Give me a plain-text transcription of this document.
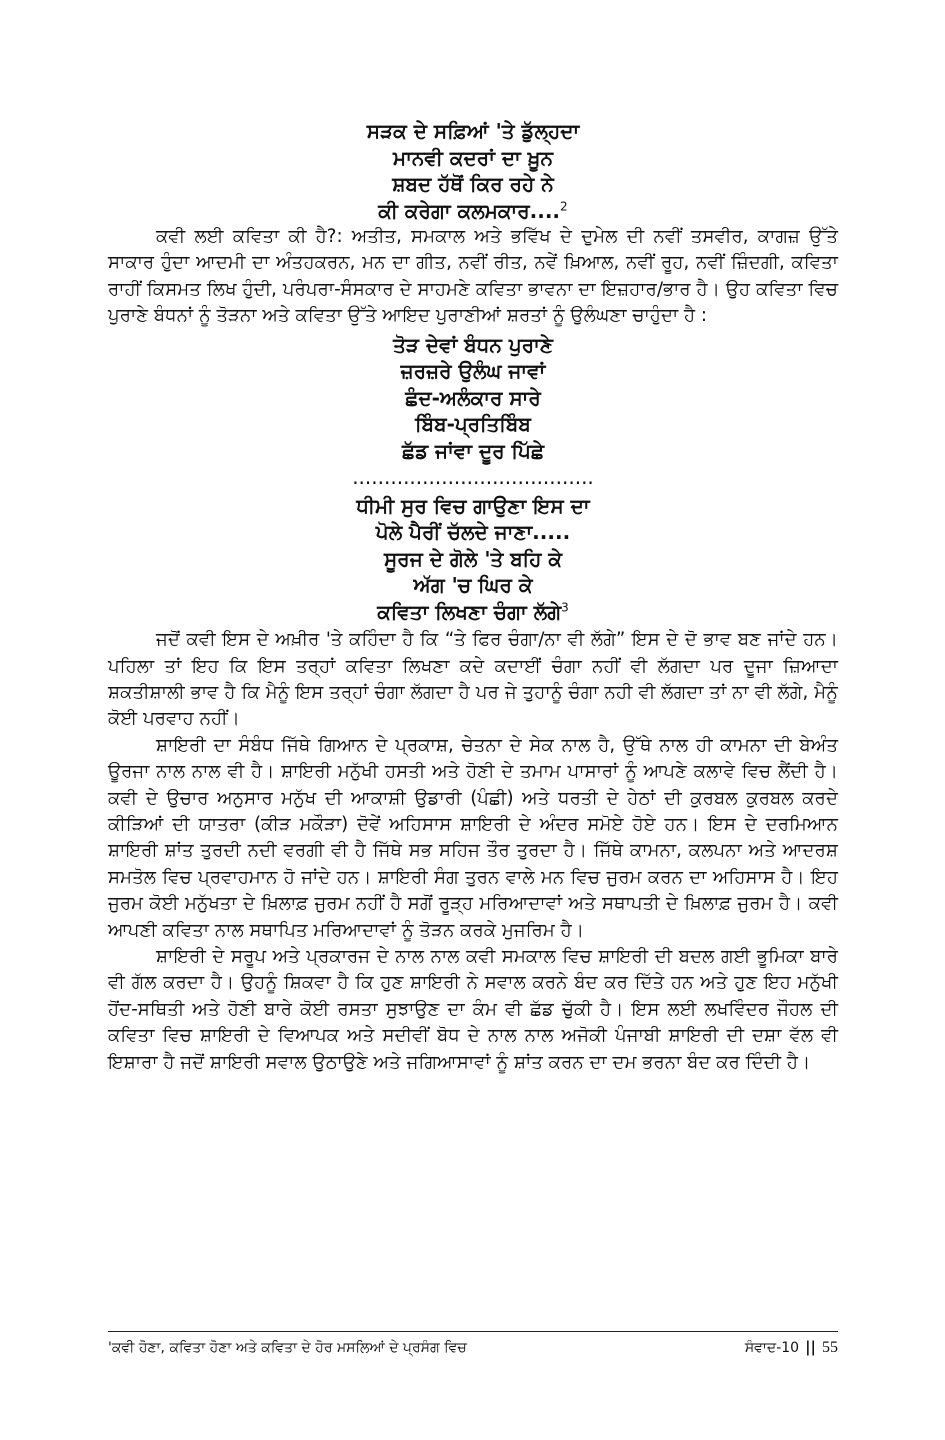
ਸੜਕ ਦੇ ਸਫ਼ਿਆਂ 'ਤੇ ਡੁੱਲ੍ਹਦਾ
ਮਾਨਵੀ ਕਦਰਾਂ ਦਾ ਖ਼ੂਨ
ਸ਼ਬਦ ਹੱਥੋਂ ਕਿਰ ਰਹੇ ਨੇ
ਕੀ ਕਰੇਗਾ ਕਲਮਕਾਰ....$^2$

ਕਵੀ ਲਈ ਕਵਿਤਾ ਕੀ ਹੈ?: ਅਤੀਤ, ਸਮਕਾਲ ਅਤੇ ਭਵਿੱਖ ਦੇ ਦੁਮੇਲ ਦੀ ਨਵੀਂ ਤਸਵੀਰ, ਕਾਗਜ਼ ਉੱਤੇ ਸਾਕਾਰ ਹੁੰਦਾ ਆਦਮੀ ਦਾ ਅੰਤਹਕਰਨ, ਮਨ ਦਾ ਗੀਤ, ਨਵੀਂ ਰੀਤ, ਨਵੇਂ ਖ਼ਿਆਲ, ਨਵੀਂ ਰੂਹ, ਨਵੀਂ ਜ਼ਿੰਦਗੀ, ਕਵਿਤਾ ਰਾਹੀਂ ਕਿਸਮਤ ਲਿਖ ਹੁੰਦੀ, ਪਰੰਪਰਾ-ਸੰਸਕਾਰ ਦੇ ਸਾਹਮਣੇ ਕਵਿਤਾ ਭਾਵਨਾ ਦਾ ਇਜ਼ਹਾਰ/ਭਾਰ ਹੈ। ਉਹ ਕਵਿਤਾ ਵਿਚ ਪੁਰਾਣੇ ਬੰਧਨਾਂ ਨੂੰ ਤੋੜਨਾ ਅਤੇ ਕਵਿਤਾ ਉੱਤੇ ਆਇਦ ਪੁਰਾਣੀਆਂ ਸ਼ਰਤਾਂ ਨੂੰ ਉਲੰਘਣਾ ਚਾਹੁੰਦਾ ਹੈ :

ਤੋੜ ਦੇਵਾਂ ਬੰਧਨ ਪੁਰਾਣੇ
ਜ਼ਰਜ਼ਰੇ ਉਲੰਘ ਜਾਵਾਂ
ਛੰਦ-ਅਲੰਕਾਰ ਸਾਰੇ
ਬਿੰਬ-ਪ੍ਰਤਿਬਿੰਬ
ਛੱਡ ਜਾਂਵਾ ਦੂਰ ਪਿੱਛੇ
......................................
ਧੀਮੀ ਸੁਰ ਵਿਚ ਗਾਉਣਾ ਇਸ ਦਾ
ਪੋਲੇ ਪੈਰੀਂ ਚੱਲਦੇ ਜਾਣਾ.....
ਸੂਰਜ ਦੇ ਗੋਲੇ 'ਤੇ ਬਹਿ ਕੇ
ਅੱਗ 'ਚ ਘਿਰ ਕੇ
ਕਵਿਤਾ ਲਿਖਣਾ ਚੰਗਾ ਲੱਗੇ$^3$

ਜਦੋਂ ਕਵੀ ਇਸ ਦੇ ਅਖ਼ੀਰ 'ਤੇ ਕਹਿੰਦਾ ਹੈ ਕਿ “ਤੇ ਫਿਰ ਚੰਗਾ/ਨਾ ਵੀ ਲੱਗੇ” ਇਸ ਦੇ ਦੋ ਭਾਵ ਬਣ ਜਾਂਦੇ ਹਨ। ਪਹਿਲਾ ਤਾਂ ਇਹ ਕਿ ਇਸ ਤਰ੍ਹਾਂ ਕਵਿਤਾ ਲਿਖਣਾ ਕਦੇ ਕਦਾਈਂ ਚੰਗਾ ਨਹੀਂ ਵੀ ਲੱਗਦਾ ਪਰ ਦੂਜਾ ਜ਼ਿਆਦਾ ਸ਼ਕਤੀਸ਼ਾਲੀ ਭਾਵ ਹੈ ਕਿ ਮੈਨੂੰ ਇਸ ਤਰ੍ਹਾਂ ਚੰਗਾ ਲੱਗਦਾ ਹੈ ਪਰ ਜੇ ਤੁਹਾਨੂੰ ਚੰਗਾ ਨਹੀ ਵੀ ਲੱਗਦਾ ਤਾਂ ਨਾ ਵੀ ਲੱਗੇ, ਮੈਨੂੰ ਕੋਈ ਪਰਵਾਹ ਨਹੀਂ।

ਸ਼ਾਇਰੀ ਦਾ ਸੰਬੰਧ ਜਿੱਥੇ ਗਿਆਨ ਦੇ ਪ੍ਰਕਾਸ਼, ਚੇਤਨਾ ਦੇ ਸੇਕ ਨਾਲ ਹੈ, ਉੱਥੇ ਨਾਲ ਹੀ ਕਾਮਨਾ ਦੀ ਬੇਅੰਤ ਊਰਜਾ ਨਾਲ ਨਾਲ ਵੀ ਹੈ। ਸ਼ਾਇਰੀ ਮਨੁੱਖੀ ਹਸਤੀ ਅਤੇ ਹੋਣੀ ਦੇ ਤਮਾਮ ਪਾਸਾਰਾਂ ਨੂੰ ਆਪਣੇ ਕਲਾਵੇ ਵਿਚ ਲੈਂਦੀ ਹੈ। ਕਵੀ ਦੇ ਉਚਾਰ ਅਨੁਸਾਰ ਮਨੁੱਖ ਦੀ ਆਕਾਸ਼ੀ ਉਡਾਰੀ (ਪੰਛੀ) ਅਤੇ ਧਰਤੀ ਦੇ ਹੇਠਾਂ ਦੀ ਕੁਰਬਲ ਕੁਰਬਲ ਕਰਦੇ ਕੀੜਿਆਂ ਦੀ ਯਾਤਰਾ (ਕੀੜ ਮਕੌੜਾ) ਦੋਵੇਂ ਅਹਿਸਾਸ ਸ਼ਾਇਰੀ ਦੇ ਅੰਦਰ ਸਮੋਏ ਹੋਏ ਹਨ। ਇਸ ਦੇ ਦਰਮਿਆਨ ਸ਼ਾਇਰੀ ਸ਼ਾਂਤ ਤੁਰਦੀ ਨਦੀ ਵਰਗੀ ਵੀ ਹੈ ਜਿੱਥੇ ਸਭ ਸਹਿਜ ਤੌਰ ਤੁਰਦਾ ਹੈ। ਜਿੱਥੇ ਕਾਮਨਾ, ਕਲਪਨਾ ਅਤੇ ਆਦਰਸ਼ ਸਮਤੋਲ ਵਿਚ ਪ੍ਰਵਾਹਮਾਨ ਹੋ ਜਾਂਦੇ ਹਨ। ਸ਼ਾਇਰੀ ਸੰਗ ਤੁਰਨ ਵਾਲੇ ਮਨ ਵਿਚ ਜੁਰਮ ਕਰਨ ਦਾ ਅਹਿਸਾਸ ਹੈ। ਇਹ ਜੁਰਮ ਕੋਈ ਮਨੁੱਖਤਾ ਦੇ ਖ਼ਿਲਾਫ਼ ਜੁਰਮ ਨਹੀਂ ਹੈ ਸਗੋਂ ਰੂੜ੍ਹ ਮਰਿਆਦਾਵਾਂ ਅਤੇ ਸਥਾਪਤੀ ਦੇ ਖ਼ਿਲਾਫ਼ ਜੁਰਮ ਹੈ। ਕਵੀ ਆਪਣੀ ਕਵਿਤਾ ਨਾਲ ਸਥਾਪਿਤ ਮਰਿਆਦਾਵਾਂ ਨੂੰ ਤੋੜਨ ਕਰਕੇ ਮੁਜਰਿਮ ਹੈ।

ਸ਼ਾਇਰੀ ਦੇ ਸਰੂਪ ਅਤੇ ਪ੍ਰਕਾਰਜ ਦੇ ਨਾਲ ਨਾਲ ਕਵੀ ਸਮਕਾਲ ਵਿਚ ਸ਼ਾਇਰੀ ਦੀ ਬਦਲ ਗਈ ਭੂਮਿਕਾ ਬਾਰੇ ਵੀ ਗੱਲ ਕਰਦਾ ਹੈ। ਉਹਨੂੰ ਸ਼ਿਕਵਾ ਹੈ ਕਿ ਹੁਣ ਸ਼ਾਇਰੀ ਨੇ ਸਵਾਲ ਕਰਨੇ ਬੰਦ ਕਰ ਦਿੱਤੇ ਹਨ ਅਤੇ ਹੁਣ ਇਹ ਮਨੁੱਖੀ ਹੋਂਦ-ਸਥਿਤੀ ਅਤੇ ਹੋਣੀ ਬਾਰੇ ਕੋਈ ਰਸਤਾ ਸੁਝਾਉਣ ਦਾ ਕੰਮ ਵੀ ਛੱਡ ਚੁੱਕੀ ਹੈ। ਇਸ ਲਈ ਲਖਵਿੰਦਰ ਜੌਹਲ ਦੀ ਕਵਿਤਾ ਵਿਚ ਸ਼ਾਇਰੀ ਦੇ ਵਿਆਪਕ ਅਤੇ ਸਦੀਵੀਂ ਬੋਧ ਦੇ ਨਾਲ ਨਾਲ ਅਜੋਕੀ ਪੰਜਾਬੀ ਸ਼ਾਇਰੀ ਦੀ ਦਸ਼ਾ ਵੱਲ ਵੀ ਇਸ਼ਾਰਾ ਹੈ ਜਦੋਂ ਸ਼ਾਇਰੀ ਸਵਾਲ ਉਠਾਉਣੇ ਅਤੇ ਜਗਿਆਸਾਵਾਂ ਨੂੰ ਸ਼ਾਂਤ ਕਰਨ ਦਾ ਦਮ ਭਰਨਾ ਬੰਦ ਕਰ ਦਿੰਦੀ ਹੈ।

'ਕਵੀ ਹੋਣਾ, ਕਵਿਤਾ ਹੋਣਾ ਅਤੇ ਕਵਿਤਾ ਦੇ ਹੋਰ ਮਸਲਿਆਂ ਦੇ ਪ੍ਰਸੰਗ ਵਿਚ	ਸੰਵਾਦ-10 || 55
